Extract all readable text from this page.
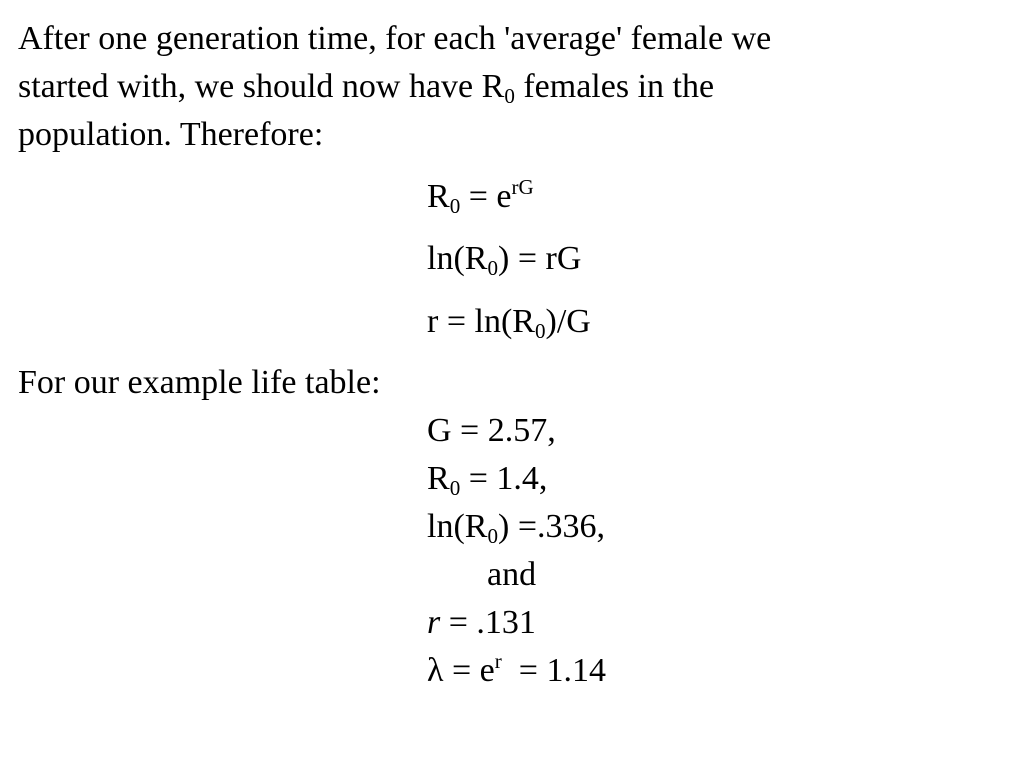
After one generation time, for each 'average' female we
started with, we should now have $R_0$ females in the
population. Therefore:
$R_0 = e^{rG}$
$\ln(R_0)$ = rG
$r = \ln(R_0)/G$
For our example life table:
G = 2.57,
$R_0 = 1.4$,
$\ln(R_0) =.336$,
and
r = .131
$\lambda = e^r = 1.14$
